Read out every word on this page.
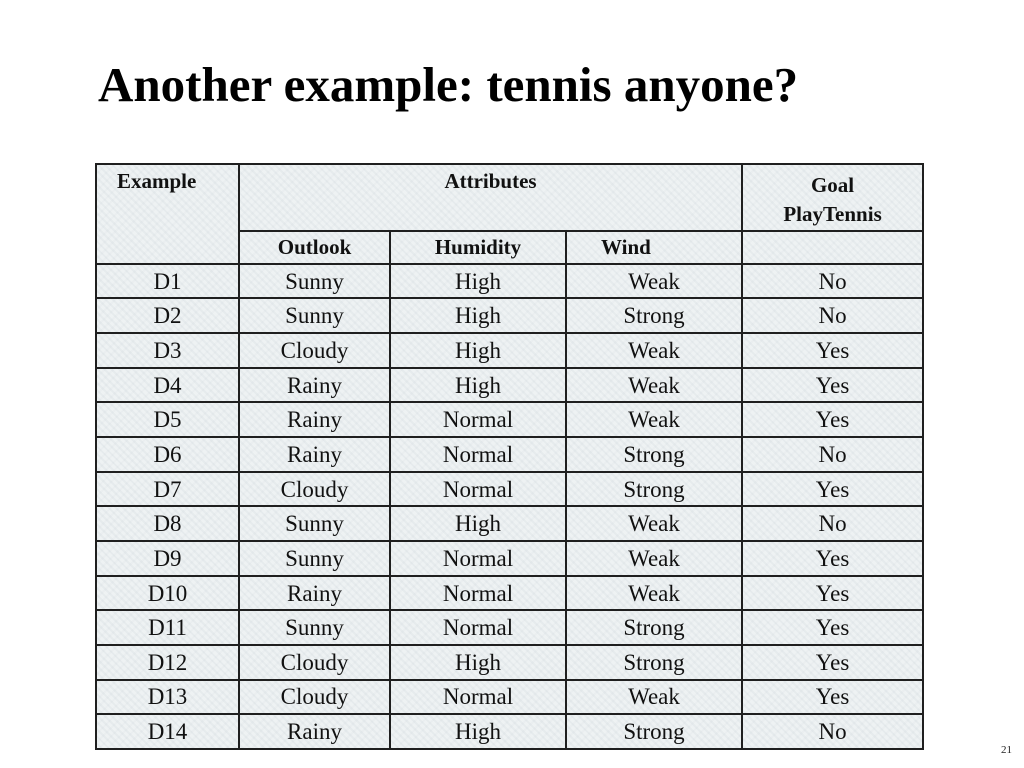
Another example: tennis anyone?
Example	Attributes			Goal
PlayTennis

	Outlook	Humidity	Wind	
D1	Sunny	High	Weak	No
D2	Sunny	High	Strong	No
D3	Cloudy	High	Weak	Yes
D4	Rainy	High	Weak	Yes
D5	Rainy	Normal	Weak	Yes
D6	Rainy	Normal	Strong	No
D7	Cloudy	Normal	Strong	Yes
D8	Sunny	High	Weak	No
D9	Sunny	Normal	Weak	Yes
D10	Rainy	Normal	Weak	Yes
D11	Sunny	Normal	Strong	Yes
D12	Cloudy	High	Strong	Yes
D13	Cloudy	Normal	Weak	Yes
D14	Rainy	High	Strong	No
21
